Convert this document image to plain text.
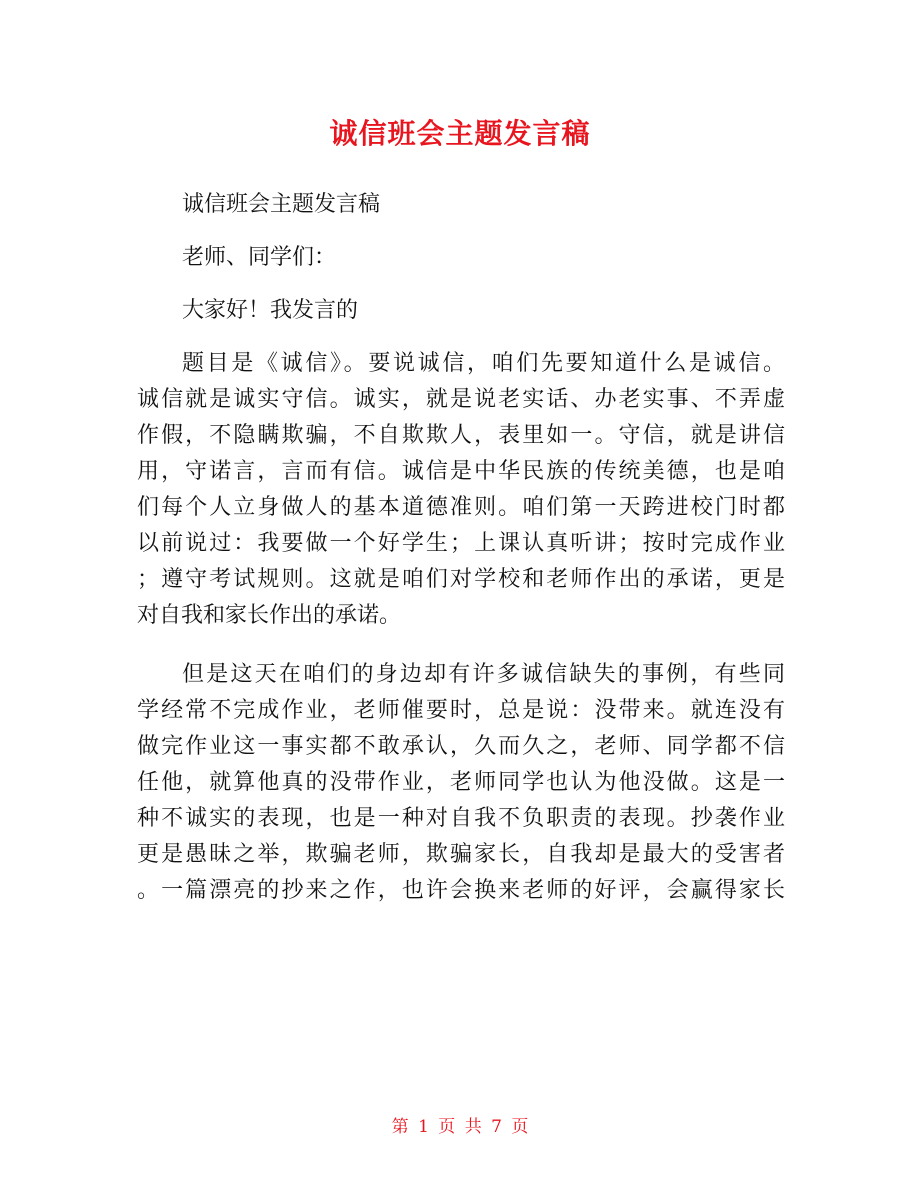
诚信班会主题发言稿
诚信班会主题发言稿
老师、同学们：
大家好！我发言的
题目是《诚信》。要说诚信，咱们先要知道什么是诚信。
诚信就是诚实守信。诚实，就是说老实话、办老实事、不弄虚
作假，不隐瞒欺骗，不自欺欺人，表里如一。守信，就是讲信
用，守诺言，言而有信。诚信是中华民族的传统美德，也是咱
们每个人立身做人的基本道德准则。咱们第一天跨进校门时都
以前说过：我要做一个好学生；上课认真听讲；按时完成作业
；遵守考试规则。这就是咱们对学校和老师作出的承诺，更是
对自我和家长作出的承诺。
但是这天在咱们的身边却有许多诚信缺失的事例，有些同
学经常不完成作业，老师催要时，总是说：没带来。就连没有
做完作业这一事实都不敢承认，久而久之，老师、同学都不信
任他，就算他真的没带作业，老师同学也认为他没做。这是一
种不诚实的表现，也是一种对自我不负职责的表现。抄袭作业
更是愚昧之举，欺骗老师，欺骗家长，自我却是最大的受害者
。一篇漂亮的抄来之作，也许会换来老师的好评，会赢得家长
第 1 页 共 7 页
